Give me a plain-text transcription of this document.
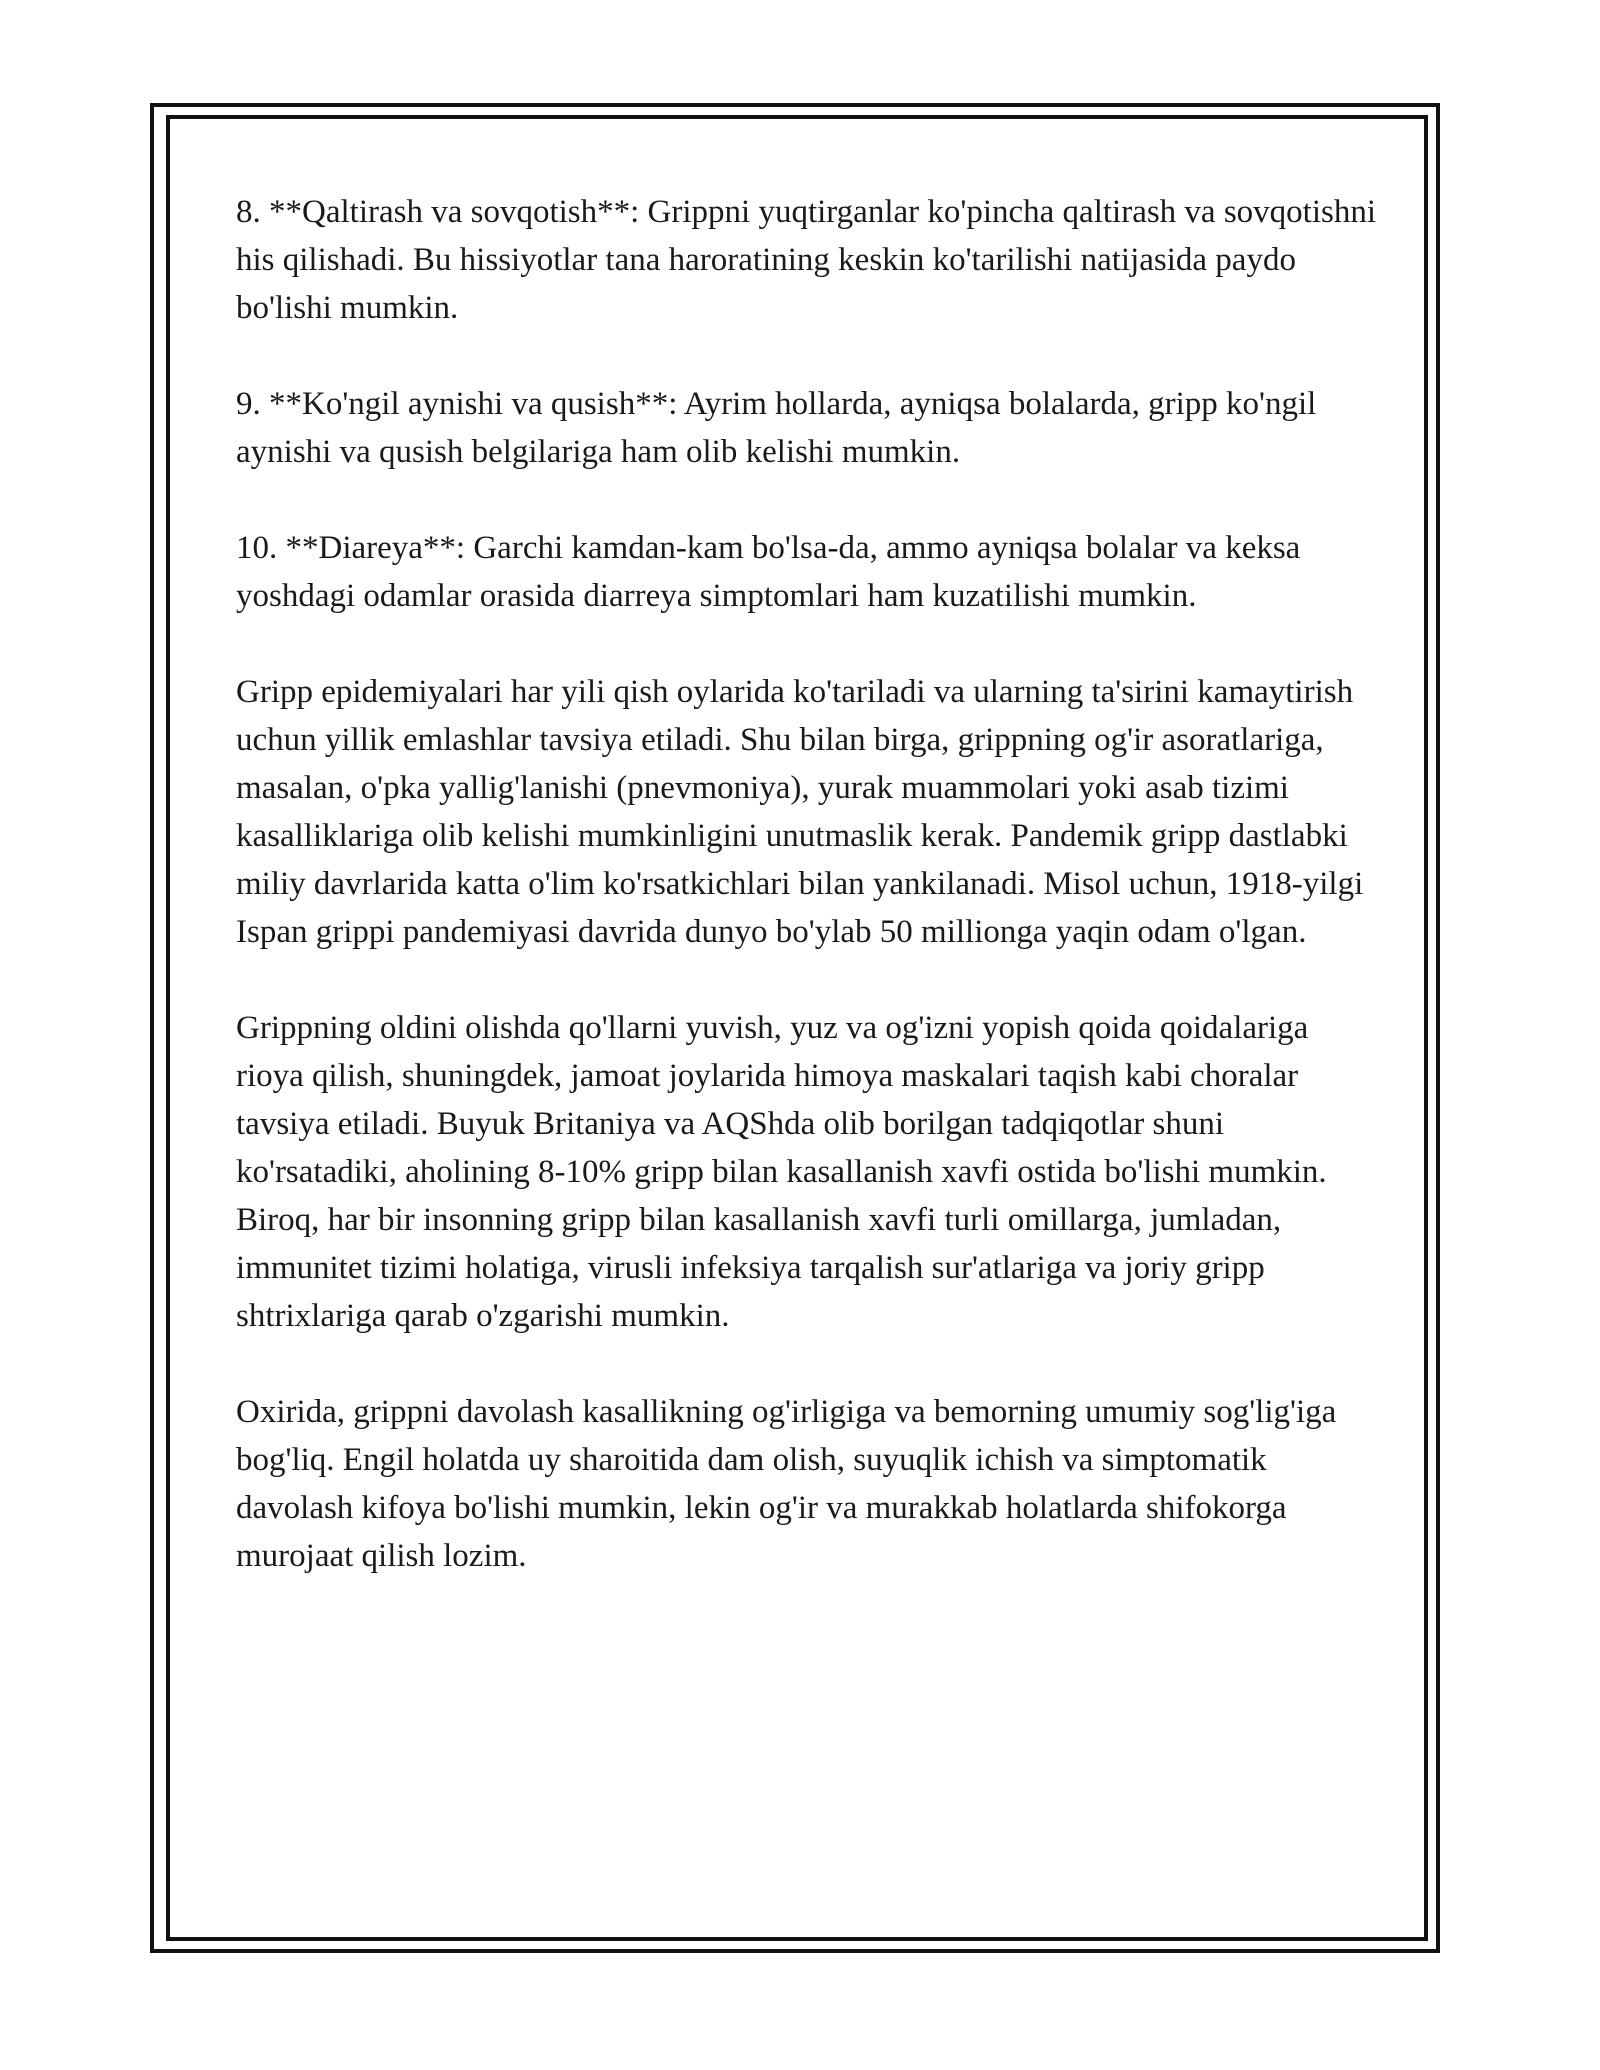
8. **Qaltirash va sovqotish**: Grippni yuqtirganlar ko'pincha qaltirash va sovqotishni his qilishadi. Bu hissiyotlar tana haroratining keskin ko'tarilishi natijasida paydo bo'lishi mumkin.

9. **Ko'ngil aynishi va qusish**: Ayrim hollarda, ayniqsa bolalarda, gripp ko'ngil aynishi va qusish belgilariga ham olib kelishi mumkin.

10. **Diareya**: Garchi kamdan-kam bo'lsa-da, ammo ayniqsa bolalar va keksa yoshdagi odamlar orasida diarreya simptomlari ham kuzatilishi mumkin.

Gripp epidemiyalari har yili qish oylarida ko'tariladi va ularning ta'sirini kamaytirish uchun yillik emlashlar tavsiya etiladi. Shu bilan birga, grippning og'ir asoratlariga, masalan, o'pka yallig'lanishi (pnevmoniya), yurak muammolari yoki asab tizimi kasalliklariga olib kelishi mumkinligini unutmaslik kerak. Pandemik gripp dastlabki miliy davrlarida katta o'lim ko'rsatkichlari bilan yankilanadi. Misol uchun, 1918-yilgi Ispan grippi pandemiyasi davrida dunyo bo'ylab 50 millionga yaqin odam o'lgan.

Grippning oldini olishda qo'llarni yuvish, yuz va og'izni yopish qoida qoidalariga rioya qilish, shuningdek, jamoat joylarida himoya maskalari taqish kabi choralar tavsiya etiladi. Buyuk Britaniya va AQShda olib borilgan tadqiqotlar shuni ko'rsatadiki, aholining 8-10% gripp bilan kasallanish xavfi ostida bo'lishi mumkin. Biroq, har bir insonning gripp bilan kasallanish xavfi turli omillarga, jumladan, immunitet tizimi holatiga, virusli infeksiya tarqalish sur'atlariga va joriy gripp shtrixlariga qarab o'zgarishi mumkin.

Oxirida, grippni davolash kasallikning og'irligiga va bemorning umumiy sog'lig'iga bog'liq. Engil holatda uy sharoitida dam olish, suyuqlik ichish va simptomatik davolash kifoya bo'lishi mumkin, lekin og'ir va murakkab holatlarda shifokorga murojaat qilish lozim.
